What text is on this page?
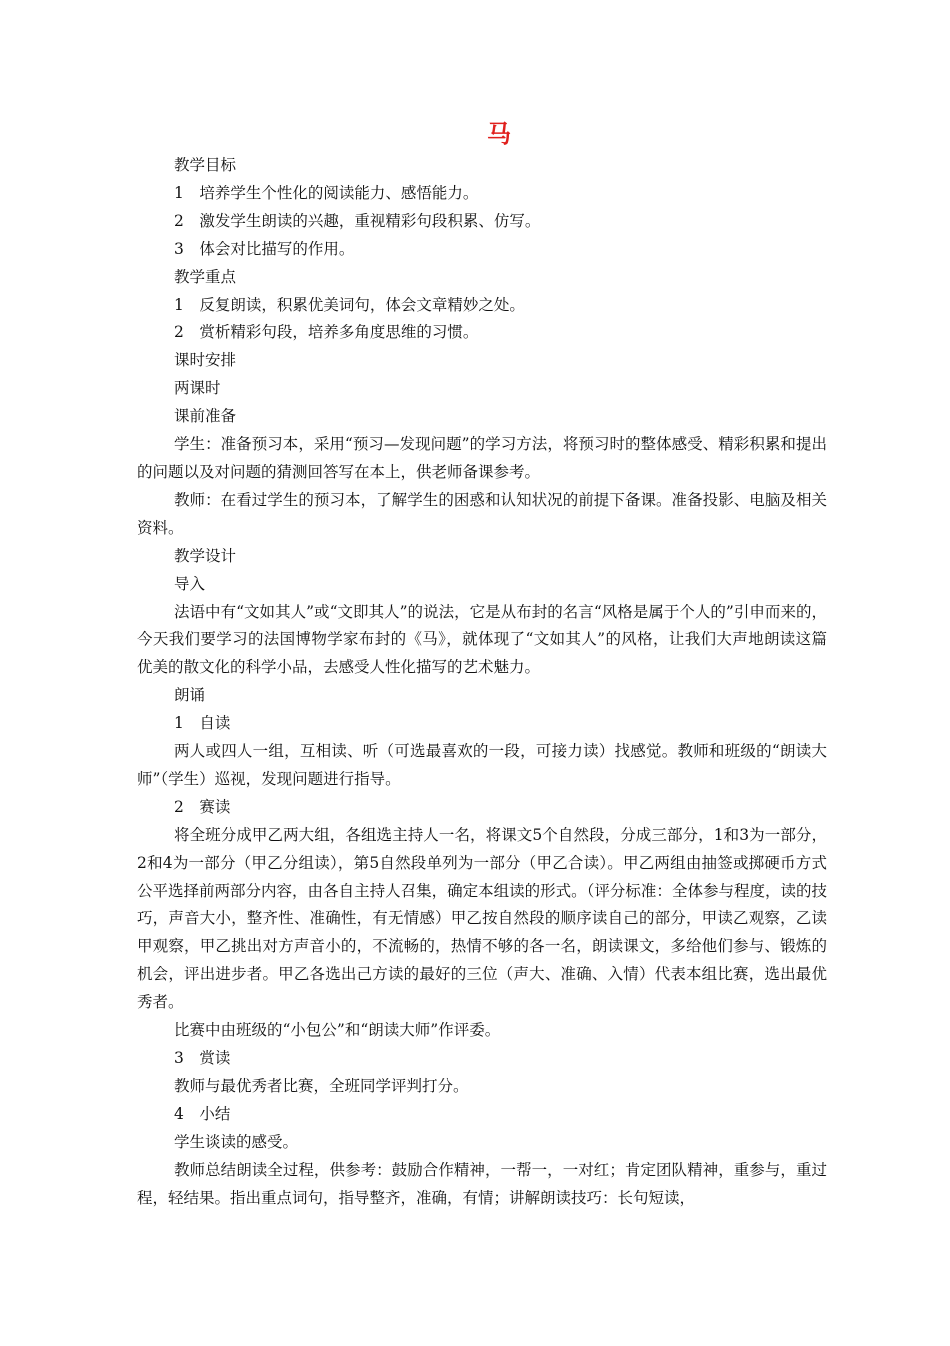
马

教学目标

1　培养学生个性化的阅读能力、感悟能力。

2　激发学生朗读的兴趣，重视精彩句段积累、仿写。

3　体会对比描写的作用。

教学重点

1　反复朗读，积累优美词句，体会文章精妙之处。

2　赏析精彩句段，培养多角度思维的习惯。

课时安排

两课时

课前准备

学生：准备预习本，采用“预习—发现问题”的学习方法，将预习时的整体感受、精彩积累和提出的问题以及对问题的猜测回答写在本上，供老师备课参考。

教师：在看过学生的预习本，了解学生的困惑和认知状况的前提下备课。准备投影、电脑及相关资料。

教学设计

导入

法语中有“文如其人”或“文即其人”的说法，它是从布封的名言“风格是属于个人的”引申而来的，今天我们要学习的法国博物学家布封的《马》，就体现了“文如其人”的风格，让我们大声地朗读这篇优美的散文化的科学小品，去感受人性化描写的艺术魅力。

朗诵

1　自读

两人或四人一组，互相读、听（可选最喜欢的一段，可接力读）找感觉。教师和班级的“朗读大师”（学生）巡视，发现问题进行指导。

2　赛读

将全班分成甲乙两大组，各组选主持人一名，将课文5个自然段，分成三部分，1和3为一部分，2和4为一部分（甲乙分组读），第5自然段单列为一部分（甲乙合读）。甲乙两组由抽签或掷硬币方式公平选择前两部分内容，由各自主持人召集，确定本组读的形式。（评分标准：全体参与程度，读的技巧，声音大小，整齐性、准确性，有无情感）甲乙按自然段的顺序读自己的部分，甲读乙观察，乙读甲观察，甲乙挑出对方声音小的，不流畅的，热情不够的各一名，朗读课文，多给他们参与、锻炼的机会，评出进步者。甲乙各选出己方读的最好的三位（声大、准确、入情）代表本组比赛，选出最优秀者。

比赛中由班级的“小包公”和“朗读大师”作评委。

3　赏读

教师与最优秀者比赛，全班同学评判打分。

4　小结

学生谈读的感受。

教师总结朗读全过程，供参考：鼓励合作精神，一帮一，一对红；肯定团队精神，重参与，重过程，轻结果。指出重点词句，指导整齐，准确，有情；讲解朗读技巧：长句短读，
